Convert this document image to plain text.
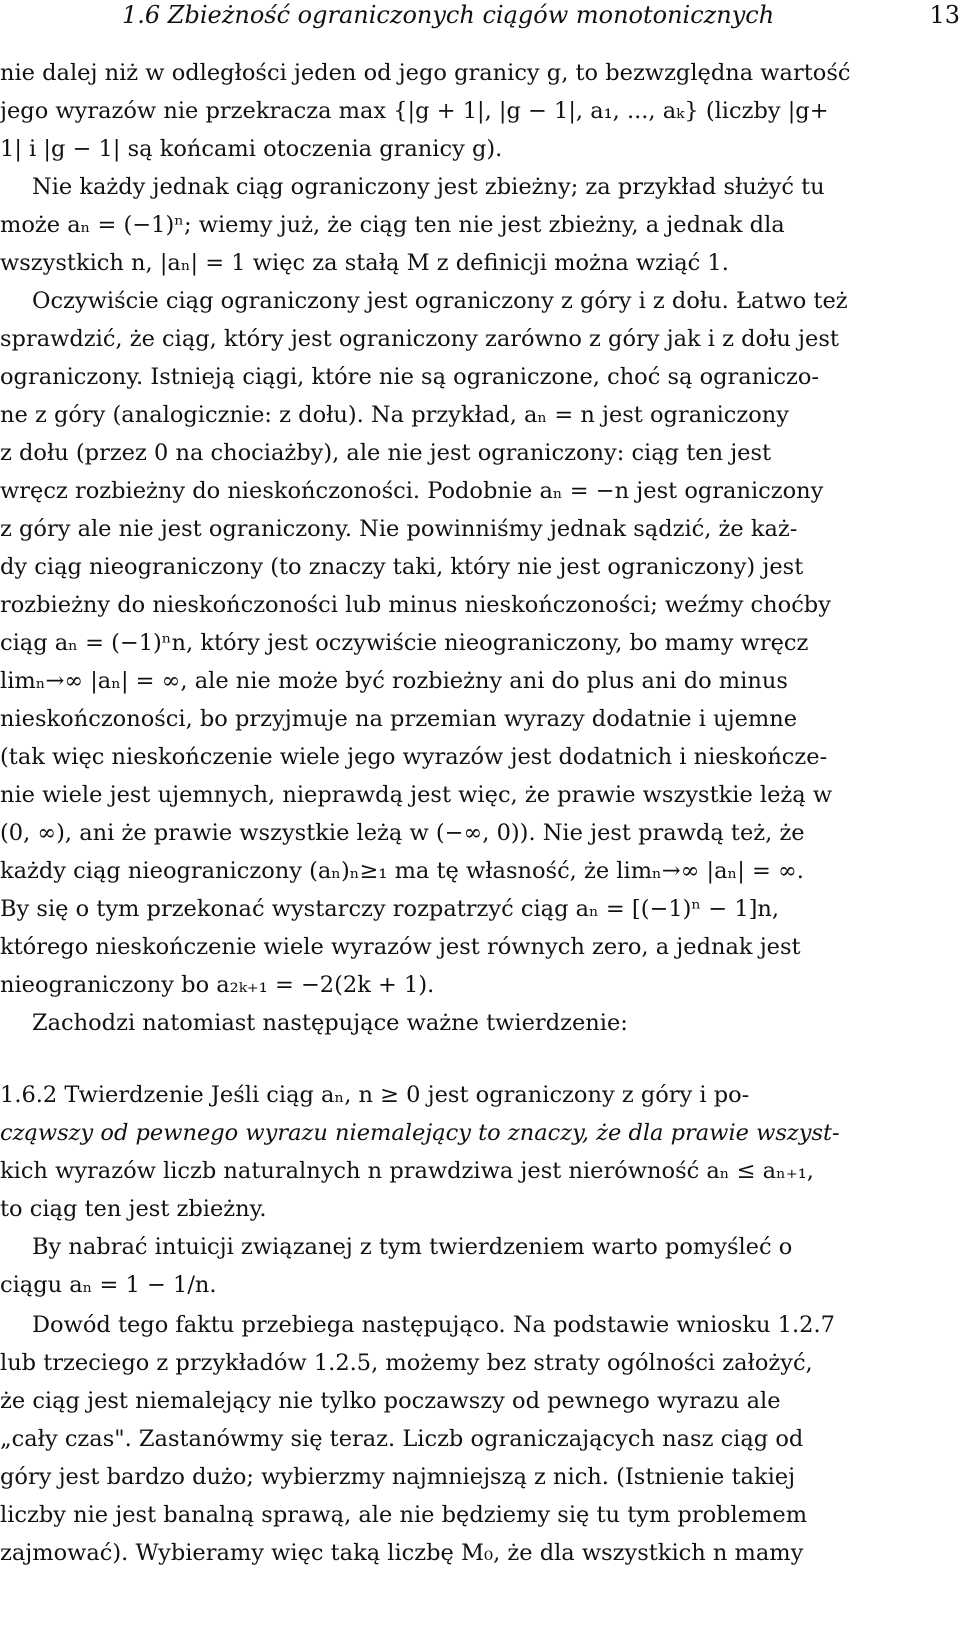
1.6 Zbieżność ograniczonych ciągów monotonicznych	13
nie dalej niż w odległości jeden od jego granicy g, to bezwzględna wartość
jego wyrazów nie przekracza max {|g + 1|, |g − 1|, a₁, ..., aₖ} (liczby |g+
1| i |g − 1| są końcami otoczenia granicy g).
Nie każdy jednak ciąg ograniczony jest zbieżny; za przykład służyć tu
może aₙ = (−1)ⁿ; wiemy już, że ciąg ten nie jest zbieżny, a jednak dla
wszystkich n, |aₙ| = 1 więc za stałą M z definicji można wziąć 1.
Oczywiście ciąg ograniczony jest ograniczony z góry i z dołu. Łatwo też
sprawdzić, że ciąg, który jest ograniczony zarówno z góry jak i z dołu jest
ograniczony. Istnieją ciągi, które nie są ograniczone, choć są ograniczo-
ne z góry (analogicznie: z dołu). Na przykład, aₙ = n jest ograniczony
z dołu (przez 0 na chociażby), ale nie jest ograniczony: ciąg ten jest
wręcz rozbieżny do nieskończoności. Podobnie aₙ = −n jest ograniczony
z góry ale nie jest ograniczony. Nie powinniśmy jednak sądzić, że każ-
dy ciąg nieograniczony (to znaczy taki, który nie jest ograniczony) jest
rozbieżny do nieskończoności lub minus nieskończoności; weźmy choćby
ciąg aₙ = (−1)ⁿn, który jest oczywiście nieograniczony, bo mamy wręcz
limₙ→∞ |aₙ| = ∞, ale nie może być rozbieżny ani do plus ani do minus
nieskończoności, bo przyjmuje na przemian wyrazy dodatnie i ujemne
(tak więc nieskończenie wiele jego wyrazów jest dodatnich i nieskończe-
nie wiele jest ujemnych, nieprawdą jest więc, że prawie wszystkie leżą w
(0, ∞), ani że prawie wszystkie leżą w (−∞, 0)). Nie jest prawdą też, że
każdy ciąg nieograniczony (aₙ)ₙ≥₁ ma tę własność, że limₙ→∞ |aₙ| = ∞.
By się o tym przekonać wystarczy rozpatrzyć ciąg aₙ = [(−1)ⁿ − 1]n,
którego nieskończenie wiele wyrazów jest równych zero, a jednak jest
nieograniczony bo a₂ₖ₊₁ = −2(2k + 1).
Zachodzi natomiast następujące ważne twierdzenie:
1.6.2 Twierdzenie Jeśli ciąg aₙ, n ≥ 0 jest ograniczony z góry i po-
cząwszy od pewnego wyrazu niemalejący to znaczy, że dla prawie wszyst-
kich wyrazów liczb naturalnych n prawdziwa jest nierówność aₙ ≤ aₙ₊₁,
to ciąg ten jest zbieżny.
By nabrać intuicji związanej z tym twierdzeniem warto pomyśleć o
ciągu aₙ = 1 − 1/n.
Dowód tego faktu przebiega następująco. Na podstawie wniosku 1.2.7
lub trzeciego z przykładów 1.2.5, możemy bez straty ogólności założyć,
że ciąg jest niemalejący nie tylko poczawszy od pewnego wyrazu ale
„cały czas". Zastanówmy się teraz. Liczb ograniczających nasz ciąg od
góry jest bardzo dużo; wybierzmy najmniejszą z nich. (Istnienie takiej
liczby nie jest banalną sprawą, ale nie będziemy się tu tym problemem
zajmować). Wybieramy więc taką liczbę M₀, że dla wszystkich n mamy
